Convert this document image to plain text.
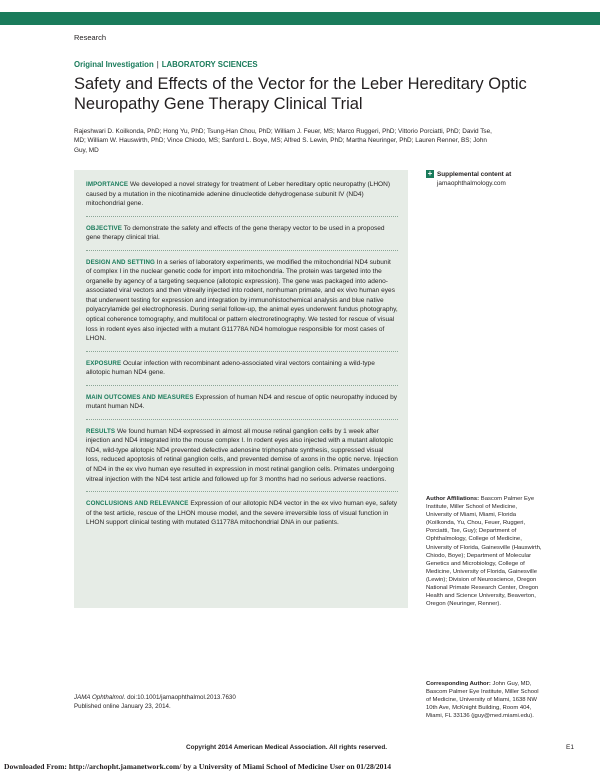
Research
Original Investigation | LABORATORY SCIENCES
Safety and Effects of the Vector for the Leber Hereditary Optic Neuropathy Gene Therapy Clinical Trial
Rajeshwari D. Koilkonda, PhD; Hong Yu, PhD; Tsung-Han Chou, PhD; William J. Feuer, MS; Marco Ruggeri, PhD; Vittorio Porciatti, PhD; David Tse, MD; William W. Hauswirth, PhD; Vince Chiodo, MS; Sanford L. Boye, MS; Alfred S. Lewin, PhD; Martha Neuringer, PhD; Lauren Renner, BS; John Guy, MD

IMPORTANCE We developed a novel strategy for treatment of Leber hereditary optic neuropathy (LHON) caused by a mutation in the nicotinamide adenine dinucleotide dehydrogenase subunit IV (ND4) mitochondrial gene.

OBJECTIVE To demonstrate the safety and effects of the gene therapy vector to be used in a proposed gene therapy clinical trial.

DESIGN AND SETTING In a series of laboratory experiments, we modified the mitochondrial ND4 subunit of complex I in the nuclear genetic code for import into mitochondria. The protein was targeted into the organelle by agency of a targeting sequence (allotopic expression). The gene was packaged into adeno-associated viral vectors and then vitreally injected into rodent, nonhuman primate, and ex vivo human eyes that underwent testing for expression and integration by immunohistochemical analysis and blue native polyacrylamide gel electrophoresis. During serial follow-up, the animal eyes underwent fundus photography, optical coherence tomography, and multifocal or pattern electroretinography. We tested for rescue of visual loss in rodent eyes also injected with a mutant G11778A ND4 homologue responsible for most cases of LHON.

EXPOSURE Ocular infection with recombinant adeno-associated viral vectors containing a wild-type allotopic human ND4 gene.

MAIN OUTCOMES AND MEASURES Expression of human ND4 and rescue of optic neuropathy induced by mutant human ND4.

RESULTS We found human ND4 expressed in almost all mouse retinal ganglion cells by 1 week after injection and ND4 integrated into the mouse complex I. In rodent eyes also injected with a mutant allotopic ND4, wild-type allotopic ND4 prevented defective adenosine triphosphate synthesis, suppressed visual loss, reduced apoptosis of retinal ganglion cells, and prevented demise of axons in the optic nerve. Injection of ND4 in the ex vivo human eye resulted in expression in most retinal ganglion cells. Primates undergoing vitreal injection with the ND4 test article and followed up for 3 months had no serious adverse reactions.

CONCLUSIONS AND RELEVANCE Expression of our allotopic ND4 vector in the ex vivo human eye, safety of the test article, rescue of the LHON mouse model, and the severe irreversible loss of visual function in LHON support clinical testing with mutated G11778A mitochondrial DNA in our patients.

+ Supplemental content at jamaophthalmology.com
Author Affiliations: Bascom Palmer Eye Institute, Miller School of Medicine, University of Miami, Miami, Florida (Koilkonda, Yu, Chou, Feuer, Ruggeri, Porciatti, Tse, Guy); Department of Ophthalmology, College of Medicine, University of Florida, Gainesville (Hauswirth, Chiodo, Boye); Department of Molecular Genetics and Microbiology, College of Medicine, University of Florida, Gainesville (Lewin); Division of Neuroscience, Oregon National Primate Research Center, Oregon Health and Science University, Beaverton, Oregon (Neuringer, Renner).
Corresponding Author: John Guy, MD, Bascom Palmer Eye Institute, Miller School of Medicine, University of Miami, 1638 NW 10th Ave, McKnight Building, Room 404, Miami, FL 33136 (jguy@med.miami.edu).
JAMA Ophthalmol. doi:10.1001/jamaophthalmol.2013.7630
Published online January 23, 2014.
Copyright 2014 American Medical Association. All rights reserved.	E1
Downloaded From: http://archopht.jamanetwork.com/ by a University of Miami School of Medicine User on 01/28/2014
